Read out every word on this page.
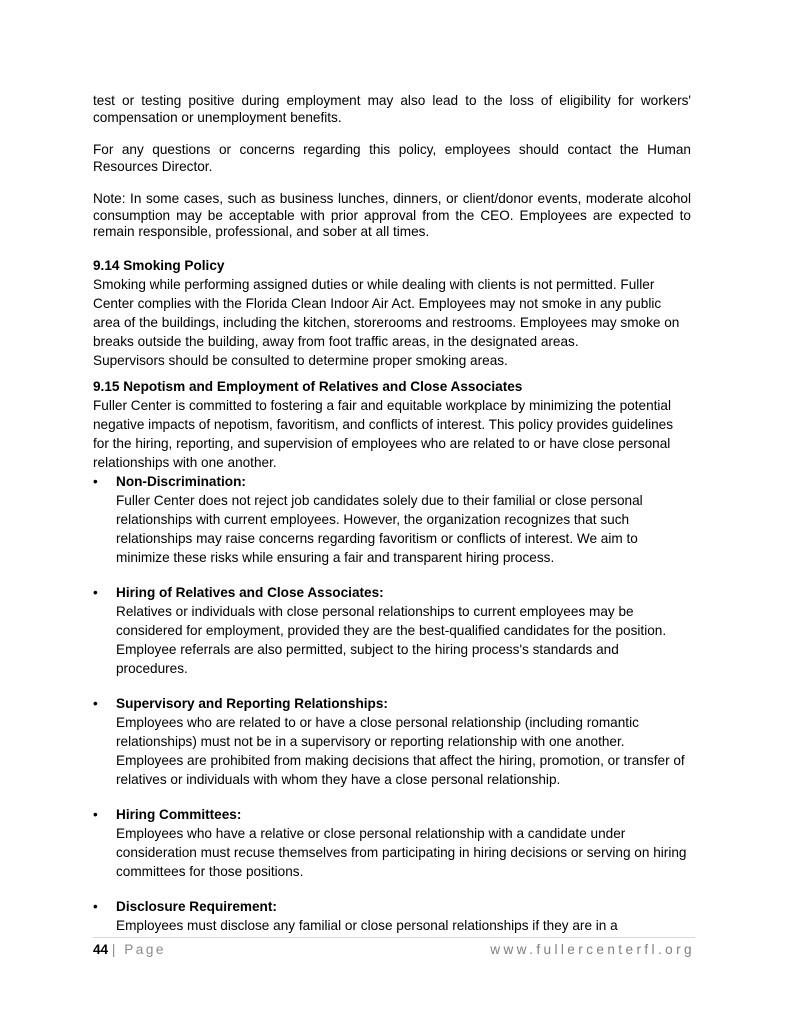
test or testing positive during employment may also lead to the loss of eligibility for workers' compensation or unemployment benefits.

For any questions or concerns regarding this policy, employees should contact the Human Resources Director.

Note: In some cases, such as business lunches, dinners, or client/donor events, moderate alcohol consumption may be acceptable with prior approval from the CEO. Employees are expected to remain responsible, professional, and sober at all times.

9.14 Smoking Policy

Smoking while performing assigned duties or while dealing with clients is not permitted. Fuller Center complies with the Florida Clean Indoor Air Act. Employees may not smoke in any public area of the buildings, including the kitchen, storerooms and restrooms. Employees may smoke on breaks outside the building, away from foot traffic areas, in the designated areas.

Supervisors should be consulted to determine proper smoking areas.

9.15 Nepotism and Employment of Relatives and Close Associates

Fuller Center is committed to fostering a fair and equitable workplace by minimizing the potential negative impacts of nepotism, favoritism, and conflicts of interest. This policy provides guidelines for the hiring, reporting, and supervision of employees who are related to or have close personal relationships with one another.

•	Non-Discrimination:
Fuller Center does not reject job candidates solely due to their familial or close personal relationships with current employees. However, the organization recognizes that such relationships may raise concerns regarding favoritism or conflicts of interest. We aim to minimize these risks while ensuring a fair and transparent hiring process.
•	Hiring of Relatives and Close Associates:
Relatives or individuals with close personal relationships to current employees may be considered for employment, provided they are the best-qualified candidates for the position. Employee referrals are also permitted, subject to the hiring process's standards and procedures.
•	Supervisory and Reporting Relationships:
Employees who are related to or have a close personal relationship (including romantic relationships) must not be in a supervisory or reporting relationship with one another. Employees are prohibited from making decisions that affect the hiring, promotion, or transfer of relatives or individuals with whom they have a close personal relationship.
•	Hiring Committees:
Employees who have a relative or close personal relationship with a candidate under consideration must recuse themselves from participating in hiring decisions or serving on hiring committees for those positions.
•	Disclosure Requirement:
Employees must disclose any familial or close personal relationships if they are in a
44 | Page	www.fullercenterfl.org
